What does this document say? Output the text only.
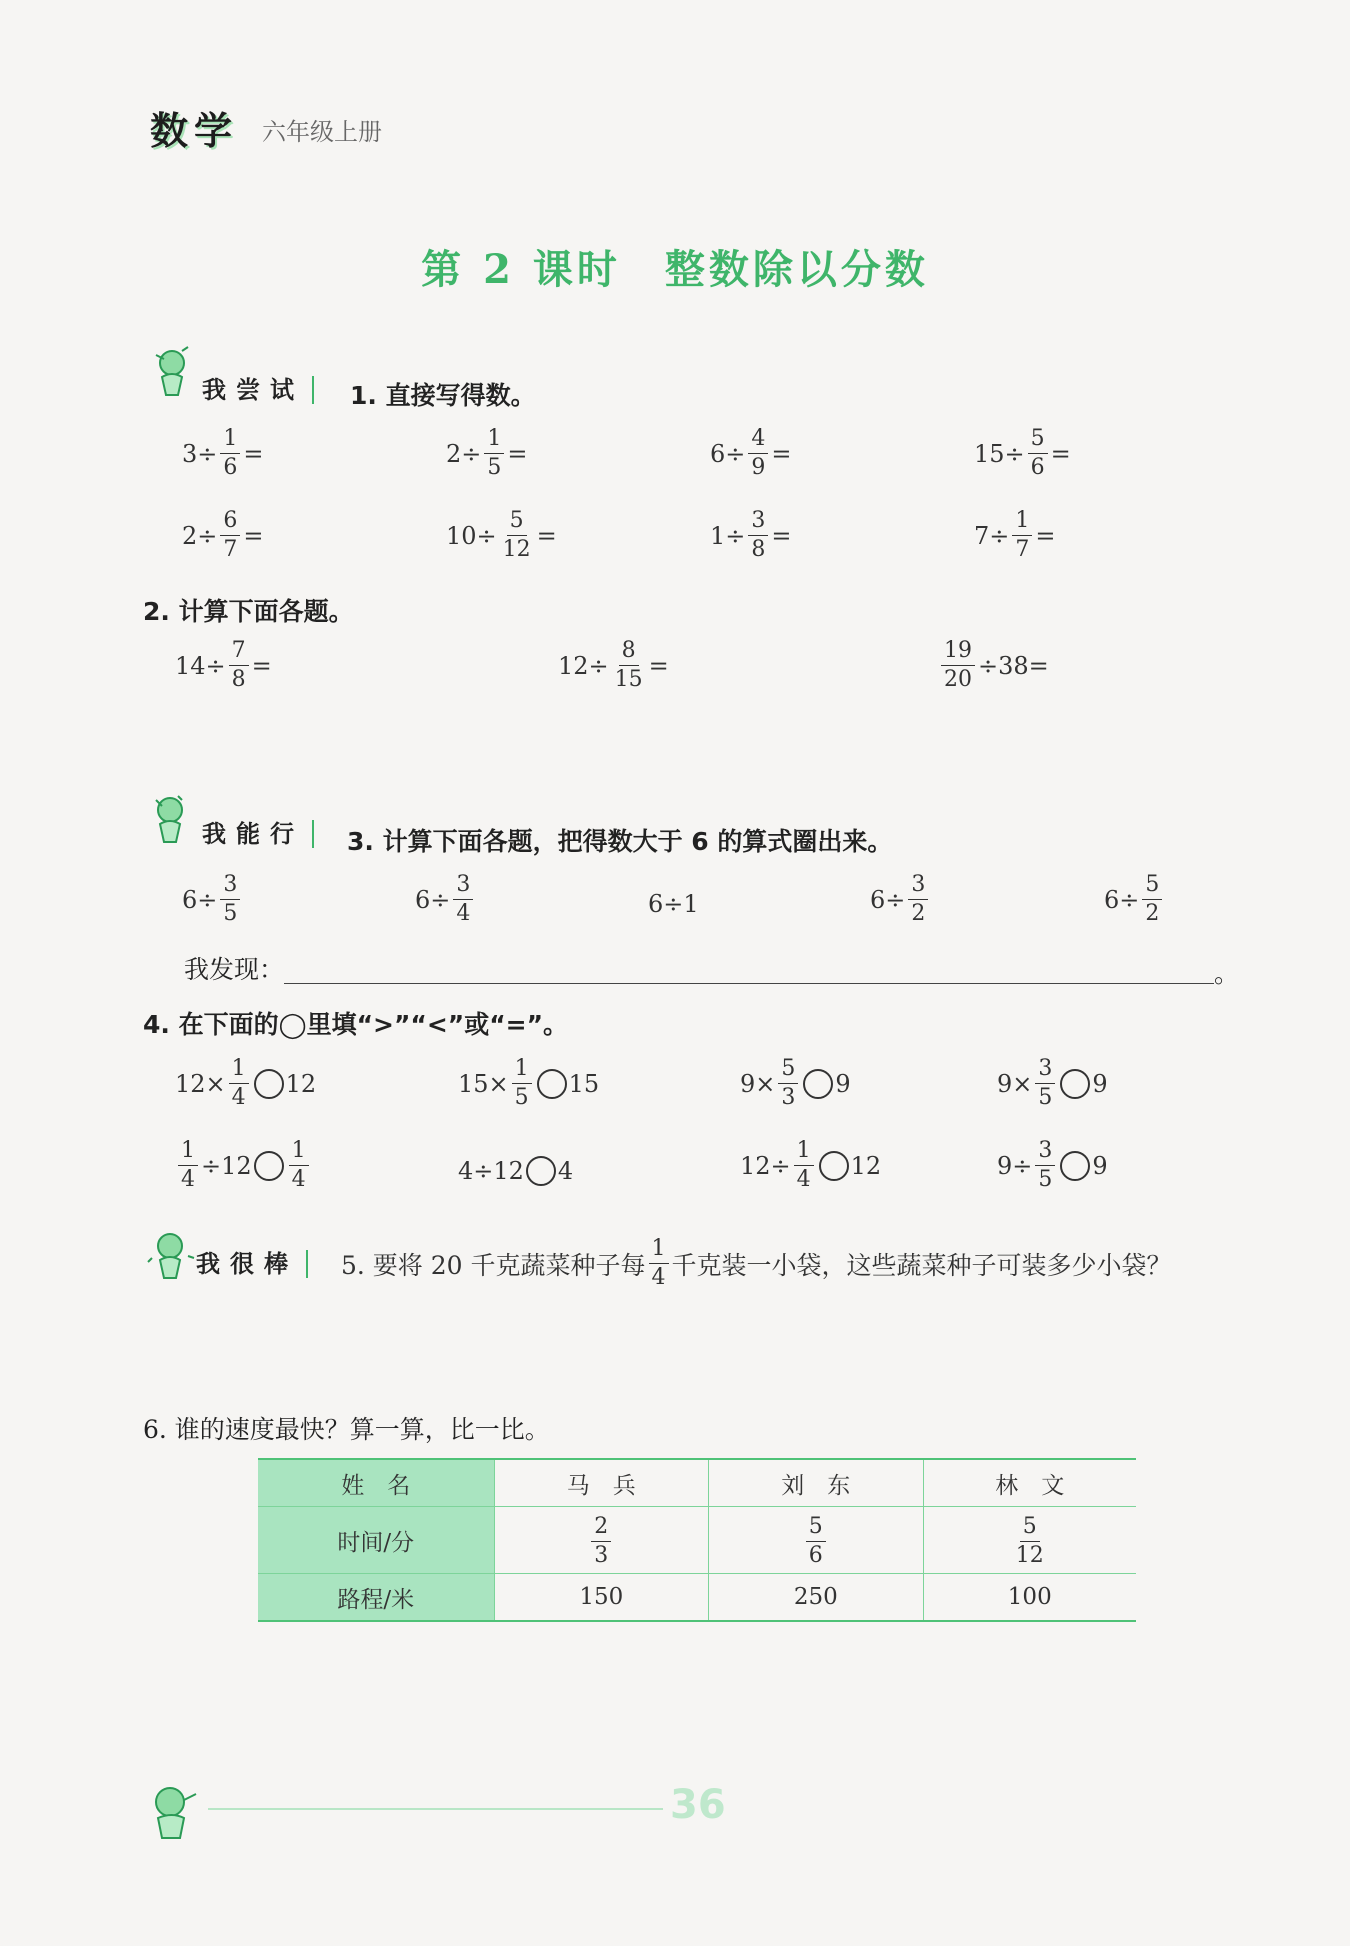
数学 六年级上册
第 2 课时　整数除以分数
我尝试	1. 直接写得数。
$3\div \frac{1}{6}$ =	$2\div \frac{1}{5}$ =	$6\div \frac{4}{9}$ =	$15\div \frac{5}{6}$ =
$2\div \frac{6}{7}$ =	$10\div \frac{5}{12}$ =	$1\div \frac{3}{8}$ =	$7\div \frac{1}{7}$ =
2. 计算下面各题。
$14\div \frac{7}{8}$ =	$12\div \frac{8}{15}$ =	$\frac{19}{20} \div 38=$
我能行	3. 计算下面各题，把得数大于 6 的算式圈出来。
$6\div \frac{3}{5}$	$6\div \frac{3}{4}$	6÷1	$6\div \frac{3}{2}$	$6\div \frac{5}{2}$
我发现：	。
4. 在下面的◯里填“>”“<”或“=”。
$12\times \frac{1}{4} 12$	$15\times \frac{1}{5} 15$	$9\times \frac{5}{3} 9$	$9\times \frac{3}{5} 9$
$\frac{1}{4} \div 12 \frac{1}{4}$	4÷12 4	$12\div \frac{1}{4} 12$	$9\div \frac{3}{5} 9$
我很棒	5. 要将 20 千克蔬菜种子每 $\frac{1}{4}$ 千克装一小袋，这些蔬菜种子可装多少小袋？
6. 谁的速度最快？算一算，比一比。
姓　名	马　兵	刘　东	林　文
时间/分	$\frac{2}{3}$	$\frac{5}{6}$	$\frac{5}{12}$

路程/米	150	250	100
36
